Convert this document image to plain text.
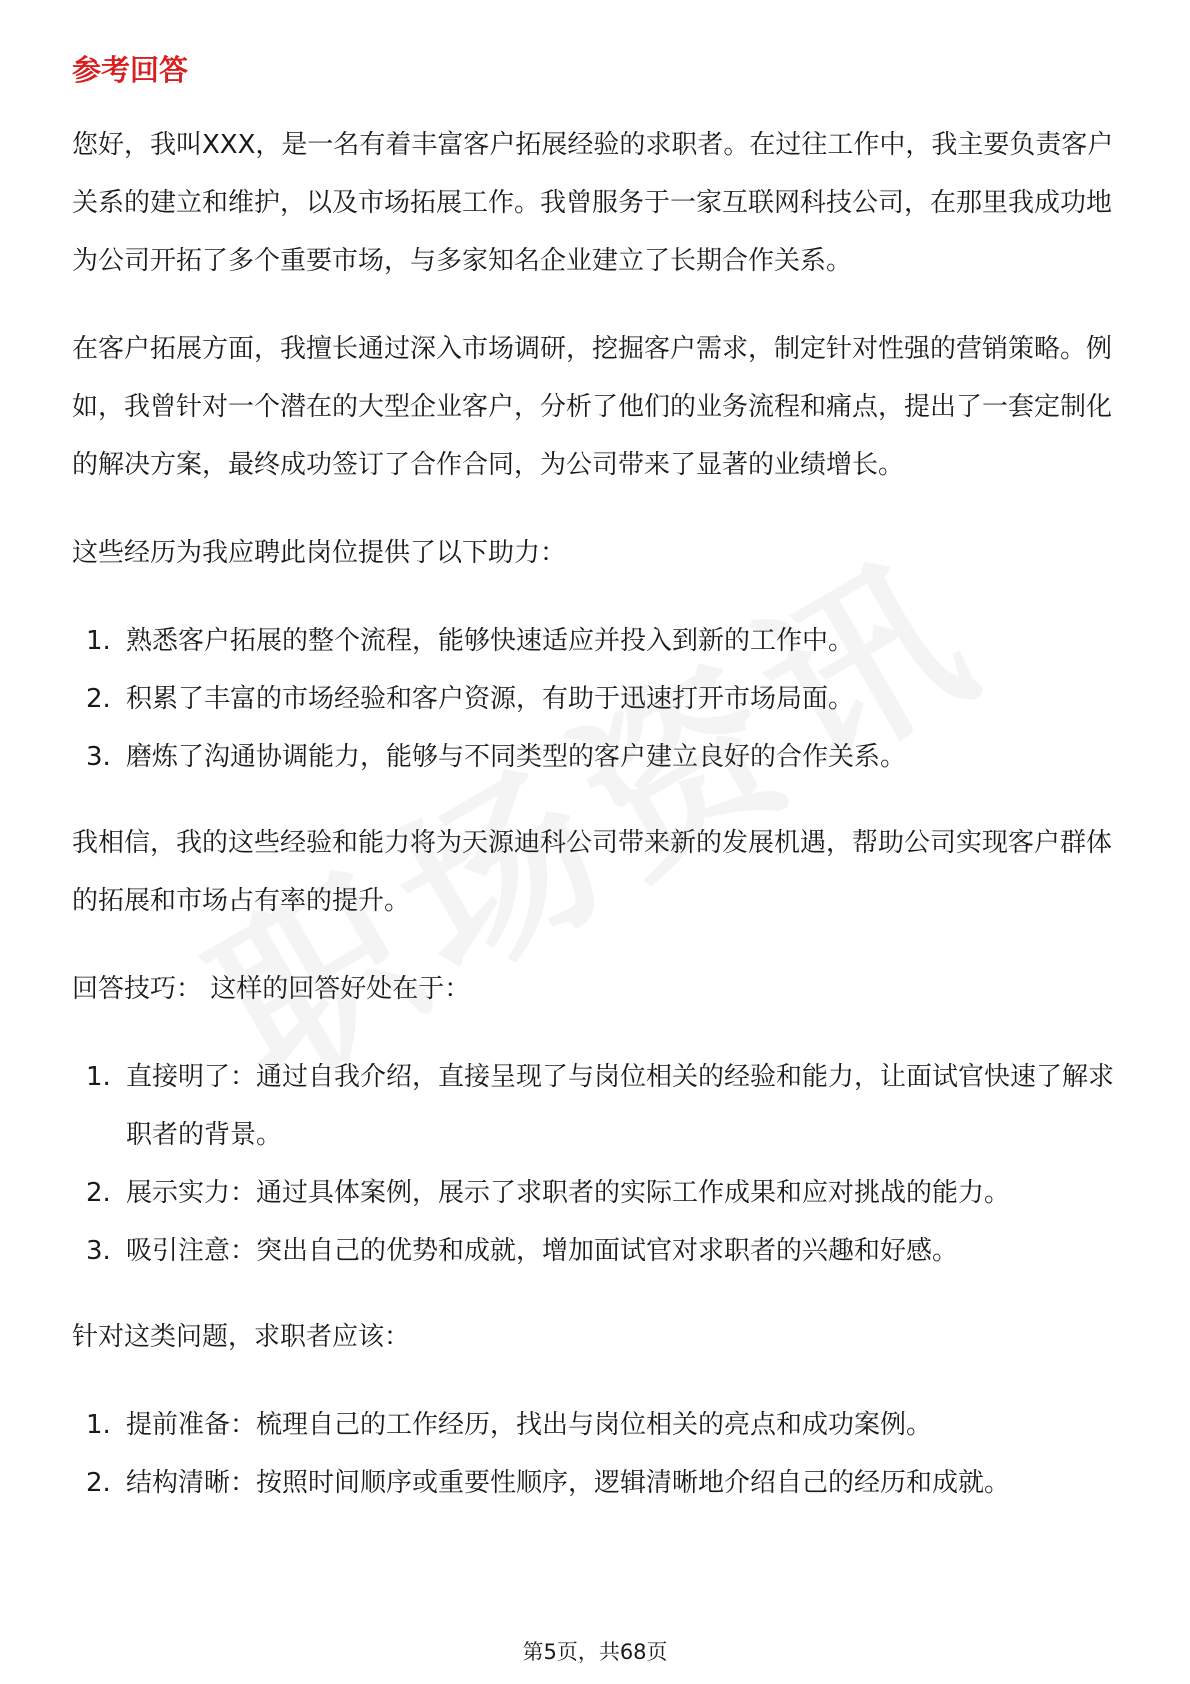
参考回答

您好，我叫XXX，是一名有着丰富客户拓展经验的求职者。在过往工作中，我主要负责客户关系的建立和维护，以及市场拓展工作。我曾服务于一家互联网科技公司，在那里我成功地为公司开拓了多个重要市场，与多家知名企业建立了长期合作关系。

在客户拓展方面，我擅长通过深入市场调研，挖掘客户需求，制定针对性强的营销策略。例如，我曾针对一个潜在的大型企业客户，分析了他们的业务流程和痛点，提出了一套定制化的解决方案，最终成功签订了合作合同，为公司带来了显著的业绩增长。

这些经历为我应聘此岗位提供了以下助力：

1. 熟悉客户拓展的整个流程，能够快速适应并投入到新的工作中。
2. 积累了丰富的市场经验和客户资源，有助于迅速打开市场局面。
3. 磨炼了沟通协调能力，能够与不同类型的客户建立良好的合作关系。

我相信，我的这些经验和能力将为天源迪科公司带来新的发展机遇，帮助公司实现客户群体的拓展和市场占有率的提升。

回答技巧： 这样的回答好处在于：

1. 直接明了：通过自我介绍，直接呈现了与岗位相关的经验和能力，让面试官快速了解求职者的背景。
2. 展示实力：通过具体案例，展示了求职者的实际工作成果和应对挑战的能力。
3. 吸引注意：突出自己的优势和成就，增加面试官对求职者的兴趣和好感。

针对这类问题，求职者应该：

1. 提前准备：梳理自己的工作经历，找出与岗位相关的亮点和成功案例。
2. 结构清晰：按照时间顺序或重要性顺序，逻辑清晰地介绍自己的经历和成就。
第5页，共68页
